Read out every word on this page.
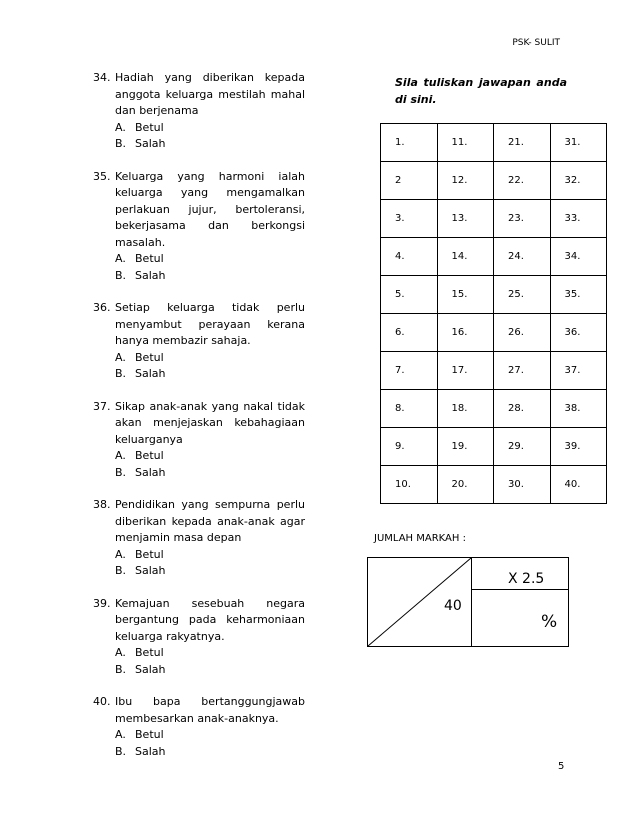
PSK- SULIT
34. Hadiah yang diberikan kepada anggota keluarga mestilah mahal dan berjenama
A. Betul
B. Salah
35. Keluarga yang harmoni ialah keluarga yang mengamalkan perlakuan jujur, bertoleransi, bekerjasama dan berkongsi masalah.
A. Betul
B. Salah
36. Setiap keluarga tidak perlu menyambut perayaan kerana hanya membazir sahaja.
A. Betul
B. Salah
37. Sikap anak-anak yang nakal tidak akan menjejaskan kebahagiaan keluarganya
A. Betul
B. Salah
38. Pendidikan yang sempurna perlu diberikan kepada anak-anak agar menjamin masa depan
A. Betul
B. Salah
39. Kemajuan sesebuah negara bergantung pada keharmoniaan keluarga rakyatnya.
A. Betul
B. Salah
40. Ibu bapa bertanggungjawab membesarkan anak-anaknya.
A. Betul
B. Salah
Sila tuliskan jawapan anda di sini.
1.	11.	21.	31.
2	12.	22.	32.
3.	13.	23.	33.
4.	14.	24.	34.
5.	15.	25.	35.
6.	16.	26.	36.
7.	17.	27.	37.
8.	18.	28.	38.
9.	19.	29.	39.
10.	20.	30.	40.
JUMLAH MARKAH :
40
X 2.5
%
5
